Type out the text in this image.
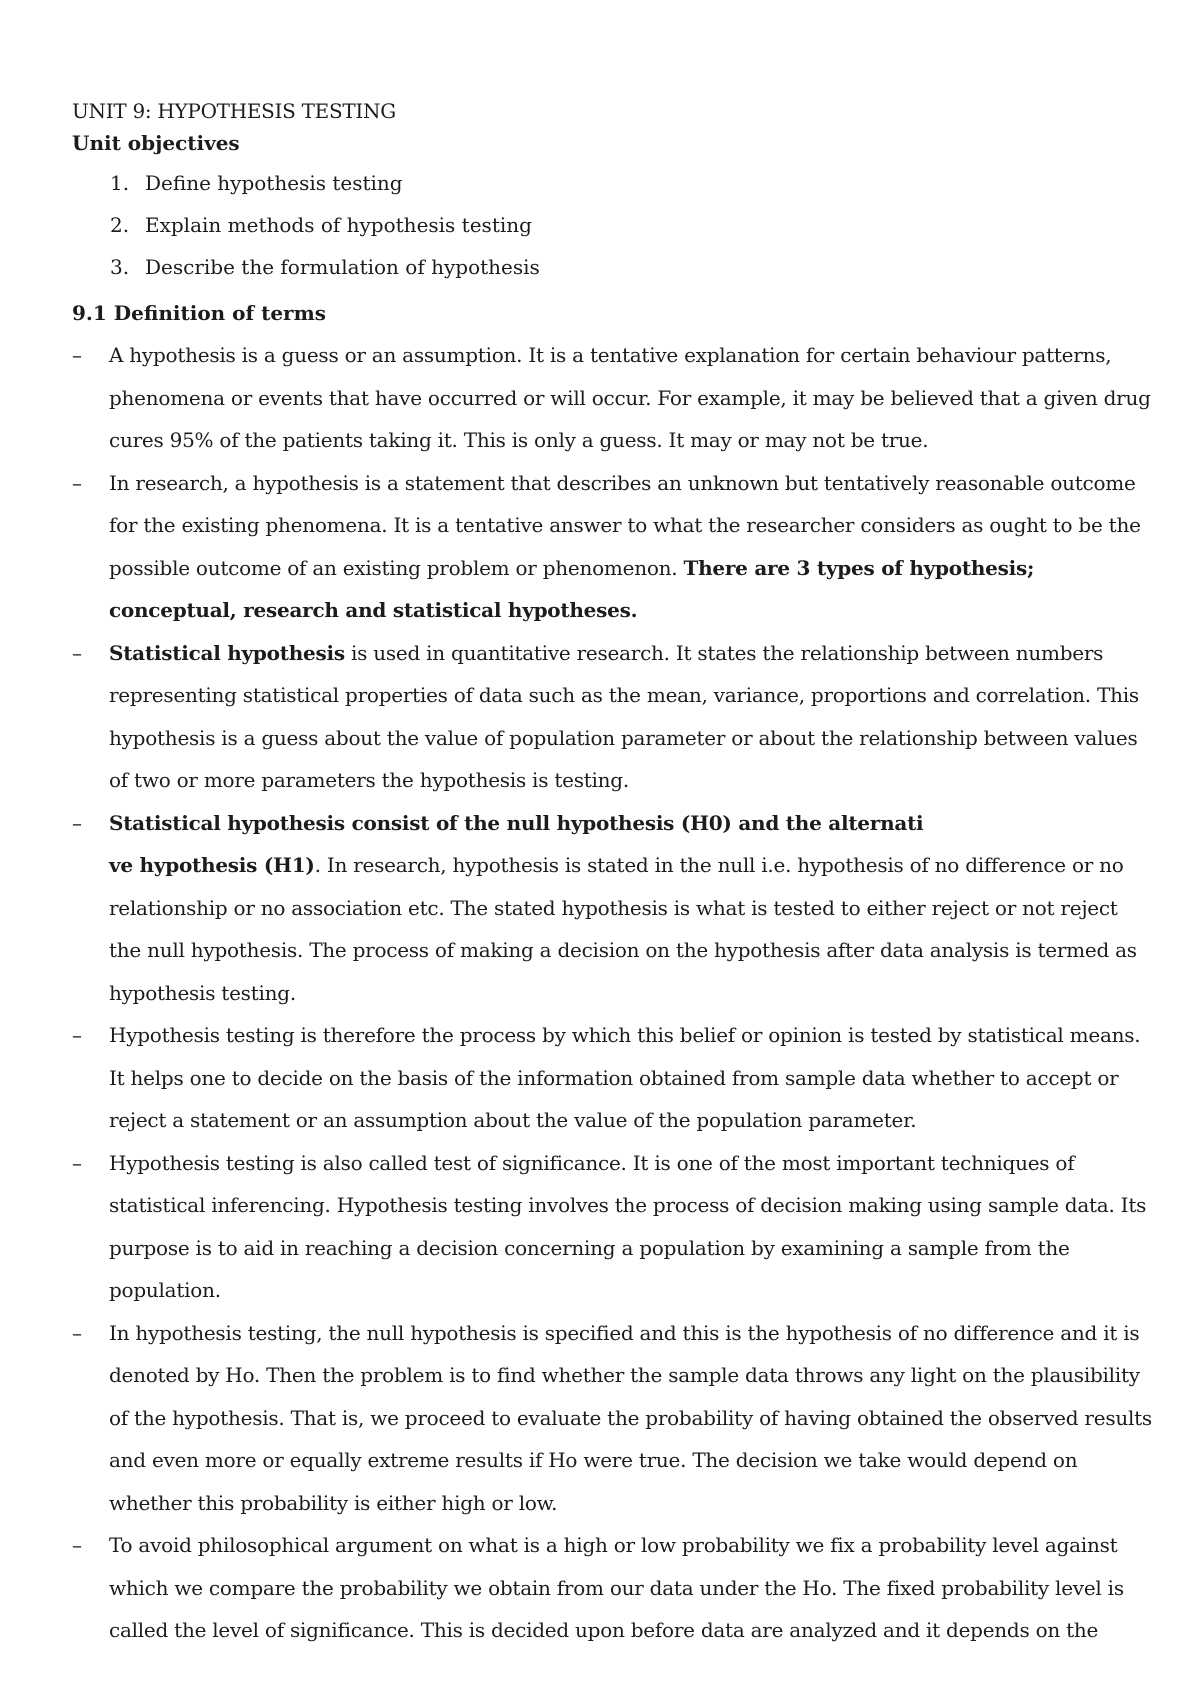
UNIT 9: HYPOTHESIS TESTING
Unit objectives
1. Define hypothesis testing
2. Explain methods of hypothesis testing
3. Describe the formulation of hypothesis
9.1 Definition of terms
– A hypothesis is a guess or an assumption. It is a tentative explanation for certain behaviour patterns, phenomena or events that have occurred or will occur. For example, it may be believed that a given drug cures 95% of the patients taking it. This is only a guess. It may or may not be true.
– In research, a hypothesis is a statement that describes an unknown but tentatively reasonable outcome for the existing phenomena. It is a tentative answer to what the researcher considers as ought to be the possible outcome of an existing problem or phenomenon. There are 3 types of hypothesis; conceptual, research and statistical hypotheses.
– Statistical hypothesis is used in quantitative research. It states the relationship between numbers representing statistical properties of data such as the mean, variance, proportions and correlation. This hypothesis is a guess about the value of population parameter or about the relationship between values of two or more parameters the hypothesis is testing.
– Statistical hypothesis consist of the null hypothesis (H0) and the alternati
ve hypothesis (H1). In research, hypothesis is stated in the null i.e. hypothesis of no difference or no relationship or no association etc. The stated hypothesis is what is tested to either reject or not reject the null hypothesis. The process of making a decision on the hypothesis after data analysis is termed as hypothesis testing.
– Hypothesis testing is therefore the process by which this belief or opinion is tested by statistical means. It helps one to decide on the basis of the information obtained from sample data whether to accept or reject a statement or an assumption about the value of the population parameter.
– Hypothesis testing is also called test of significance. It is one of the most important techniques of statistical inferencing. Hypothesis testing involves the process of decision making using sample data. Its purpose is to aid in reaching a decision concerning a population by examining a sample from the population.
– In hypothesis testing, the null hypothesis is specified and this is the hypothesis of no difference and it is denoted by Ho. Then the problem is to find whether the sample data throws any light on the plausibility of the hypothesis. That is, we proceed to evaluate the probability of having obtained the observed results and even more or equally extreme results if Ho were true. The decision we take would depend on whether this probability is either high or low.
– To avoid philosophical argument on what is a high or low probability we fix a probability level against which we compare the probability we obtain from our data under the Ho. The fixed probability level is called the level of significance. This is decided upon before data are analyzed and it depends on the
